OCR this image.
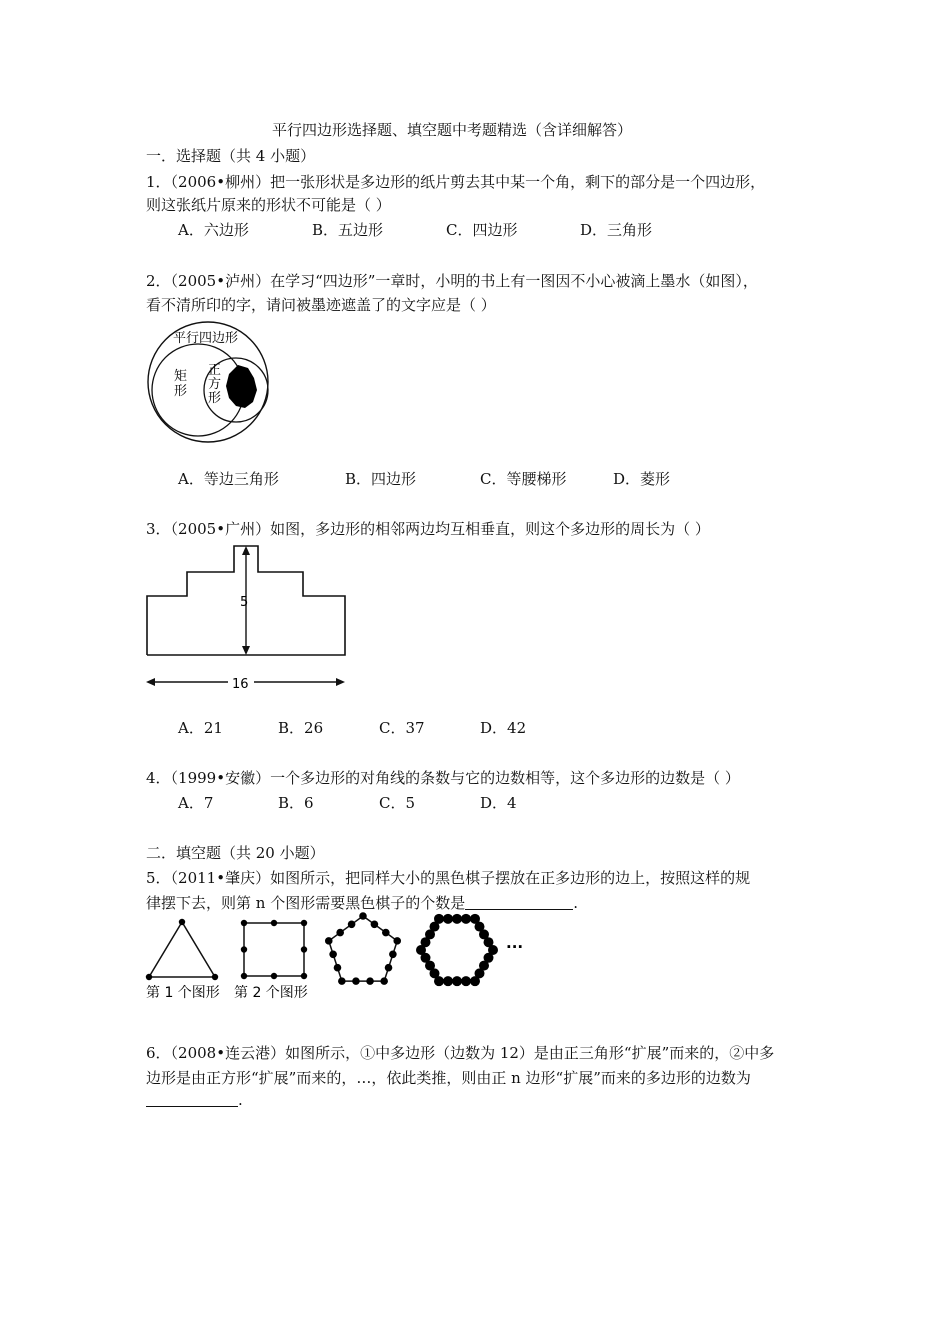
平行四边形选择题、填空题中考题精选（含详细解答）
一．选择题（共 4 小题）
1．（2006•柳州）把一张形状是多边形的纸片剪去其中某一个角，剩下的部分是一个四边形，
则这张纸片原来的形状不可能是（ ）
A．六边形	B．五边形	C．四边形	D．三角形
2．（2005•泸州）在学习“四边形”一章时，小明的书上有一图因不小心被滴上墨水（如图），
看不清所印的字，请问被墨迹遮盖了的文字应是（ ）
平行四边形
矩
形
正
方
形
A．等边三角形	B．四边形	C．等腰梯形	D．菱形
3．（2005•广州）如图，多边形的相邻两边均互相垂直，则这个多边形的周长为（ ）
5
16
A．21	B．26	C．37	D．42
4．（1999•安徽）一个多边形的对角线的条数与它的边数相等，这个多边形的边数是（ ）
A．7	B．6	C．5	D．4
二．填空题（共 20 小题）
5．（2011•肇庆）如图所示，把同样大小的黑色棋子摆放在正多边形的边上，按照这样的规
律摆下去，则第 n 个图形需要黑色棋子的个数是	.
···
第 1 个图形 第 2 个图形
6．（2008•连云港）如图所示，①中多边形（边数为 12）是由正三角形“扩展”而来的，②中多
边形是由正方形“扩展”而来的，…，依此类推，则由正 n 边形“扩展”而来的多边形的边数为
.
